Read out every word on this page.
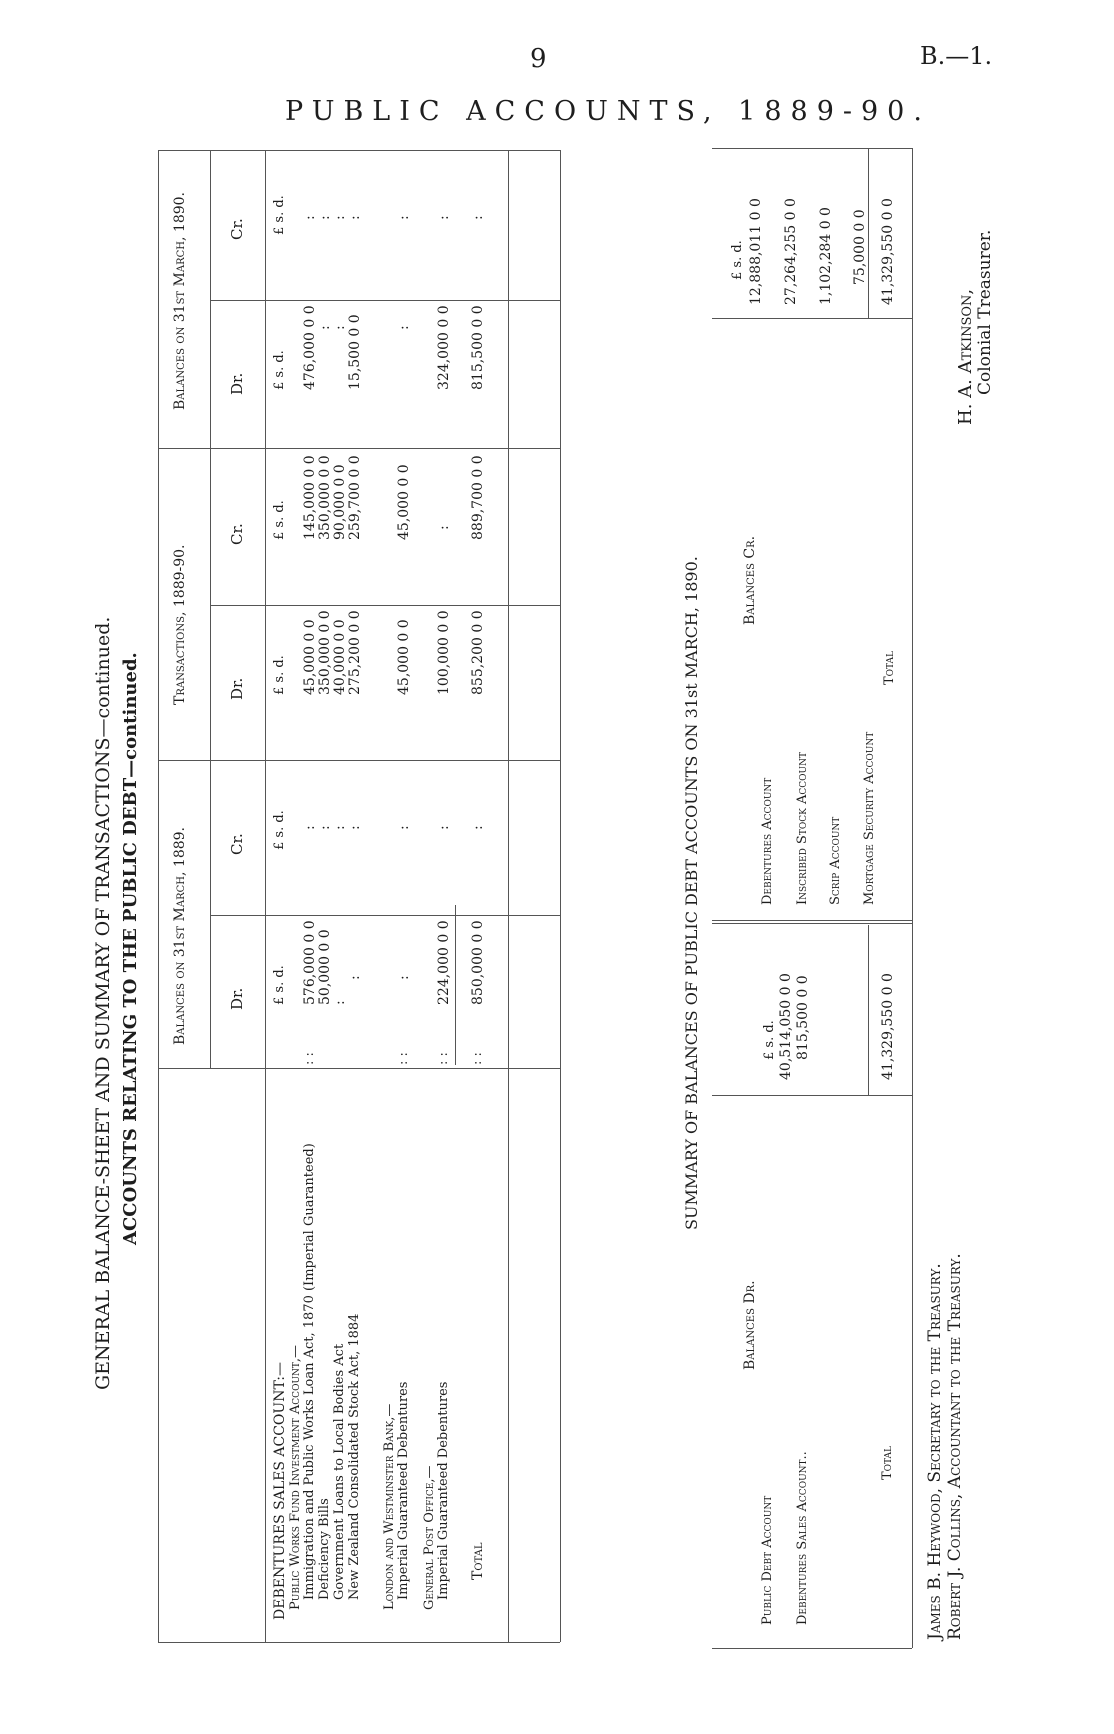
9	B.—1.
PUBLIC ACCOUNTS, 1889-90.
GENERAL BALANCE-SHEET AND SUMMARY OF TRANSACTIONS—continued. ACCOUNTS RELATING TO THE PUBLIC DEBT—continued. Balances on 31st March, 1889.
Transactions, 1889-90.
Balances on 31st March, 1890.
Dr.
Cr.
Dr.
Cr.
Dr.
Cr.
£ s. d.
£ s. d.
£ s. d.
£ s. d.
£ s. d.
£ s. d.
DEBENTURES SALES ACCOUNT:— Public Works Fund Investment Account,— Immigration and Public Works Loan Act, 1870 (Imperial Guaranteed) Deficiency Bills Government Loans to Local Bodies Act New Zealand Consolidated Stock Act, 1884 London and Westminster Bank,— Imperial Guaranteed Debentures General Post Office,— Imperial Guaranteed Debentures Total
: :	: : : : : :
576,000 0 0
:
45,000 0 0
145,000 0 0
476,000 0 0
:
50,000 0 0
:
350,000 0 0
350,000 0 0
:
:
:
:
40,000 0 0
90,000 0 0
:
:
:
:
275,200 0 0
259,700 0 0
15,500 0 0
:
:
:
45,000 0 0
45,000 0 0
:
:
224,000 0 0
:
100,000 0 0
:
324,000 0 0
:
850,000 0 0
:
855,200 0 0
889,700 0 0
815,500 0 0
:
SUMMARY OF BALANCES OF PUBLIC DEBT ACCOUNTS ON 31st MARCH, 1890.
Balances Dr.
£ s. d.
Public Debt Account
40,514,050 0 0
Debentures Sales Account..
815,500 0 0
Total
41,329,550 0 0
Balances Cr.
£ s. d.
Debentures Account
12,888,011 0 0
Inscribed Stock Account
27,264,255 0 0
Scrip Account
1,102,284 0 0
Mortgage Security Account
75,000 0 0
Total
41,329,550 0 0
James B. Heywood, Secretary to the Treasury. Robert J. Collins, Accountant to the Treasury.
H. A. Atkinson, Colonial Treasurer.
